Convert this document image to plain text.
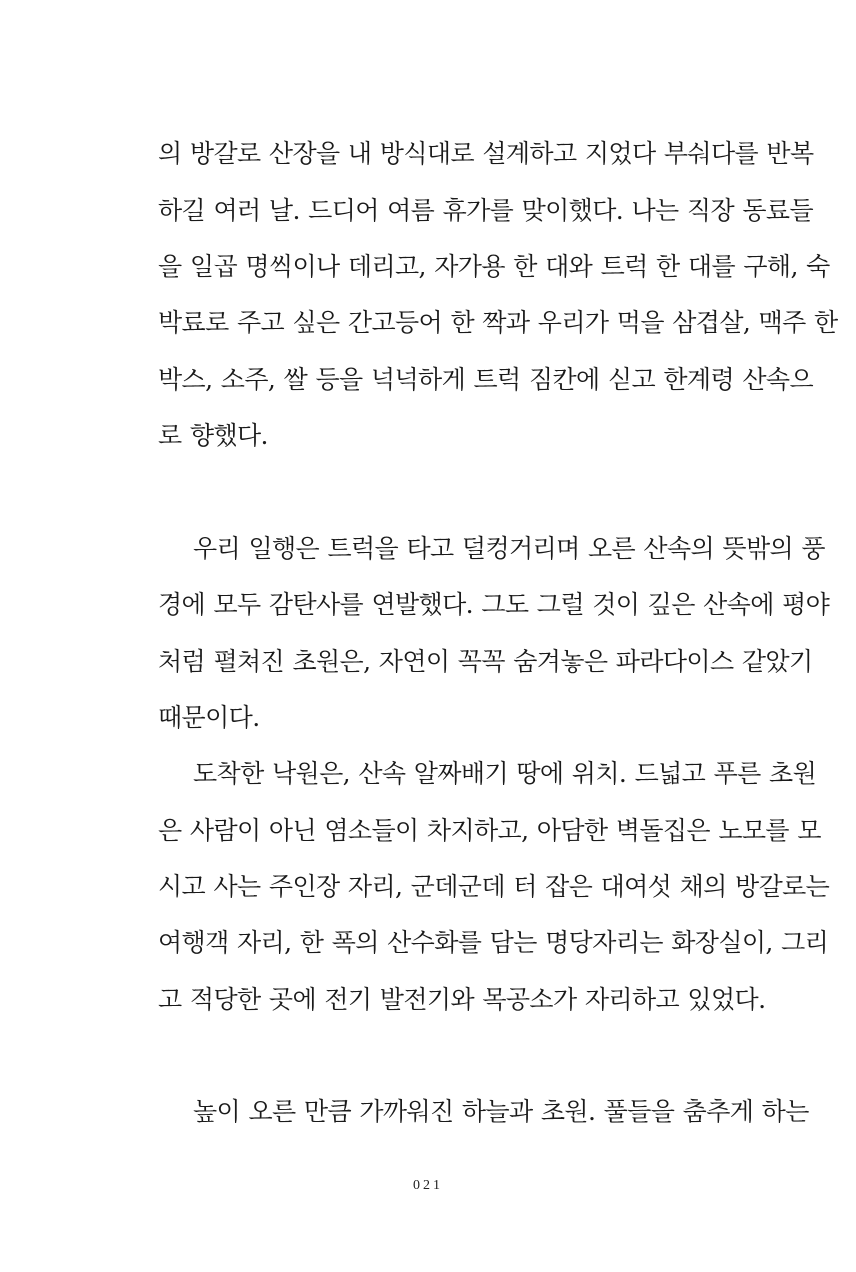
의 방갈로 산장을 내 방식대로 설계하고 지었다 부숴다를 반복
하길 여러 날. 드디어 여름 휴가를 맞이했다. 나는 직장 동료들
을 일곱 명씩이나 데리고, 자가용 한 대와 트럭 한 대를 구해, 숙
박료로 주고 싶은 간고등어 한 짝과 우리가 먹을 삼겹살, 맥주 한
박스, 소주, 쌀 등을 넉넉하게 트럭 짐칸에 싣고 한계령 산속으
로 향했다.
우리 일행은 트럭을 타고 덜컹거리며 오른 산속의 뜻밖의 풍
경에 모두 감탄사를 연발했다. 그도 그럴 것이 깊은 산속에 평야
처럼 펼쳐진 초원은, 자연이 꼭꼭 숨겨놓은 파라다이스 같았기
때문이다.
도착한 낙원은, 산속 알짜배기 땅에 위치. 드넓고 푸른 초원
은 사람이 아닌 염소들이 차지하고, 아담한 벽돌집은 노모를 모
시고 사는 주인장 자리, 군데군데 터 잡은 대여섯 채의 방갈로는
여행객 자리, 한 폭의 산수화를 담는 명당자리는 화장실이, 그리
고 적당한 곳에 전기 발전기와 목공소가 자리하고 있었다.
높이 오른 만큼 가까워진 하늘과 초원. 풀들을 춤추게 하는
021
